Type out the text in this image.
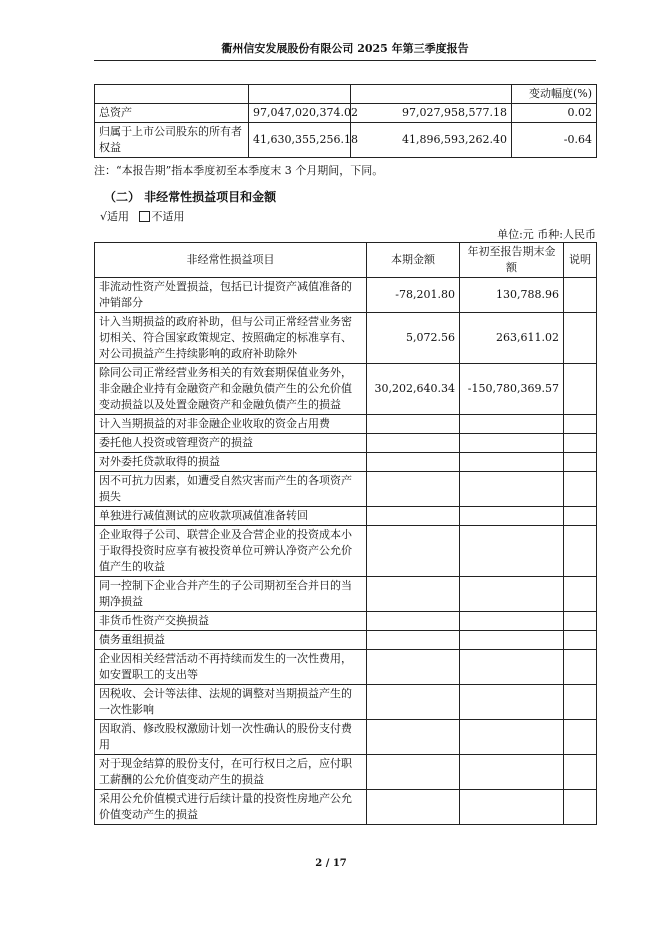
衢州信安发展股份有限公司 2025 年第三季度报告
			变动幅度(%)
总资产	97,047,020,374.02	97,027,958,577.18	0.02
归属于上市公司股东的所有者权益	41,630,355,256.18	41,896,593,262.40	-0.64
注：“本报告期”指本季度初至本季度末 3 个月期间，下同。
（二） 非经常性损益项目和金额
√适用 不适用
单位:元 币种:人民币
非经常性损益项目	本期金额	年初至报告期末金额	说明
非流动性资产处置损益，包括已计提资产减值准备的冲销部分	-78,201.80	130,788.96	
计入当期损益的政府补助，但与公司正常经营业务密切相关、符合国家政策规定、按照确定的标准享有、对公司损益产生持续影响的政府补助除外	5,072.56	263,611.02	
除同公司正常经营业务相关的有效套期保值业务外，非金融企业持有金融资产和金融负债产生的公允价值变动损益以及处置金融资产和金融负债产生的损益	30,202,640.34	-150,780,369.57	
计入当期损益的对非金融企业收取的资金占用费			
委托他人投资或管理资产的损益			
对外委托贷款取得的损益			
因不可抗力因素，如遭受自然灾害而产生的各项资产损失			
单独进行减值测试的应收款项减值准备转回			
企业取得子公司、联营企业及合营企业的投资成本小于取得投资时应享有被投资单位可辨认净资产公允价值产生的收益			
同一控制下企业合并产生的子公司期初至合并日的当期净损益			
非货币性资产交换损益			
债务重组损益			
企业因相关经营活动不再持续而发生的一次性费用，如安置职工的支出等			
因税收、会计等法律、法规的调整对当期损益产生的一次性影响			
因取消、修改股权激励计划一次性确认的股份支付费用			
对于现金结算的股份支付，在可行权日之后，应付职工薪酬的公允价值变动产生的损益			
采用公允价值模式进行后续计量的投资性房地产公允价值变动产生的损益			
2 / 17
